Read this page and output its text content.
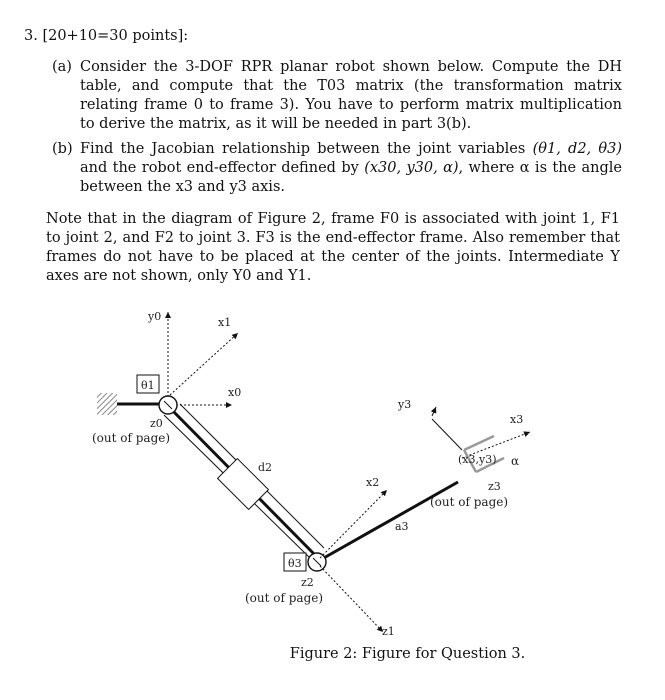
3. [20+10=30 points]:
(a) Consider the 3-DOF RPR planar robot shown below. Compute the DH table, and compute that the T03 matrix (the transformation matrix relating frame 0 to frame 3). You have to perform matrix multiplication to derive the matrix, as it will be needed in part 3(b).
(b) Find the Jacobian relationship between the joint variables (θ1, d2, θ3) and the robot end-effector defined by (x30, y30, α), where α is the angle between the x3 and y3 axis.
Note that in the diagram of Figure 2, frame F0 is associated with joint 1, F1 to joint 2, and F2 to joint 3. F3 is the end-effector frame. Also remember that frames do not have to be placed at the center of the joints. Intermediate Y axes are not shown, only Y0 and Y1.
y0	x1
x0
θ1
z0
(out of page)
d2
x2
z1
θ3
z2
(out of page)
a3
y3
x3
(x3,y3) α
z3
(out of page)
Figure 2: Figure for Question 3.
